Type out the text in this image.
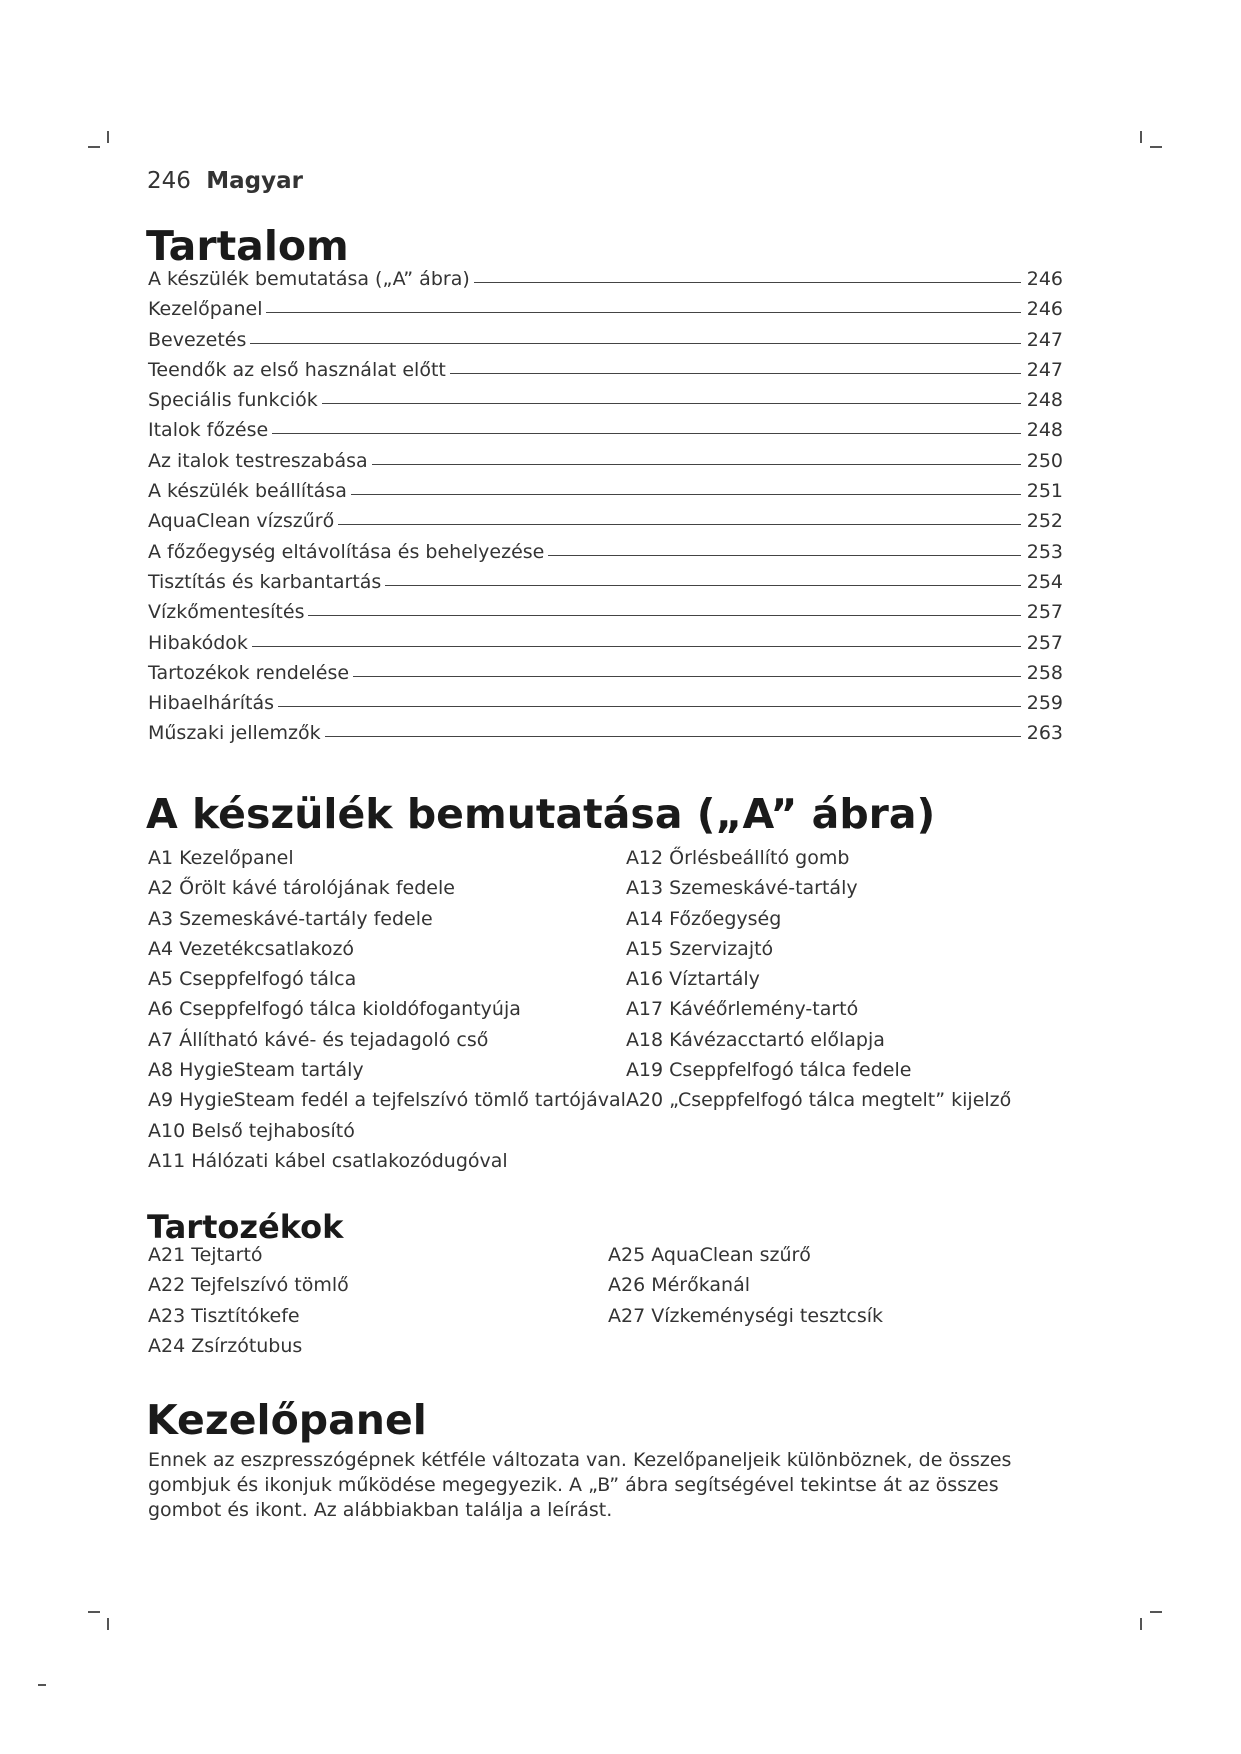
246 Magyar
Tartalom
A készülék bemutatása („A” ábra)	246
Kezelőpanel	246
Bevezetés	247
Teendők az első használat előtt	247
Speciális funkciók	248
Italok főzése	248
Az italok testreszabása	250
A készülék beállítása	251
AquaClean vízszűrő	252
A főzőegység eltávolítása és behelyezése	253
Tisztítás és karbantartás	254
Vízkőmentesítés	257
Hibakódok	257
Tartozékok rendelése	258
Hibaelhárítás	259
Műszaki jellemzők	263
A készülék bemutatása („A” ábra)
A1 Kezelőpanel
A2 Őrölt kávé tárolójának fedele
A3 Szemeskávé-tartály fedele
A4 Vezetékcsatlakozó
A5 Cseppfelfogó tálca
A6 Cseppfelfogó tálca kioldófogantyúja
A7 Állítható kávé- és tejadagoló cső
A8 HygieSteam tartály
A9 HygieSteam fedél a tejfelszívó tömlő tartójával
A10 Belső tejhabosító
A11 Hálózati kábel csatlakozódugóval
A12 Őrlésbeállító gomb
A13 Szemeskávé-tartály
A14 Főzőegység
A15 Szervizajtó
A16 Víztartály
A17 Kávéőrlemény-tartó
A18 Kávézacctartó előlapja
A19 Cseppfelfogó tálca fedele
A20 „Cseppfelfogó tálca megtelt” kijelző
Tartozékok
A21 Tejtartó
A22 Tejfelszívó tömlő
A23 Tisztítókefe
A24 Zsírzótubus
A25 AquaClean szűrő
A26 Mérőkanál
A27 Vízkeménységi tesztcsík
Kezelőpanel

Ennek az eszpresszógépnek kétféle változata van. Kezelőpaneljeik különböznek, de összes gombjuk és ikonjuk működése megegyezik. A „B” ábra segítségével tekintse át az összes gombot és ikont. Az alábbiakban találja a leírást.
